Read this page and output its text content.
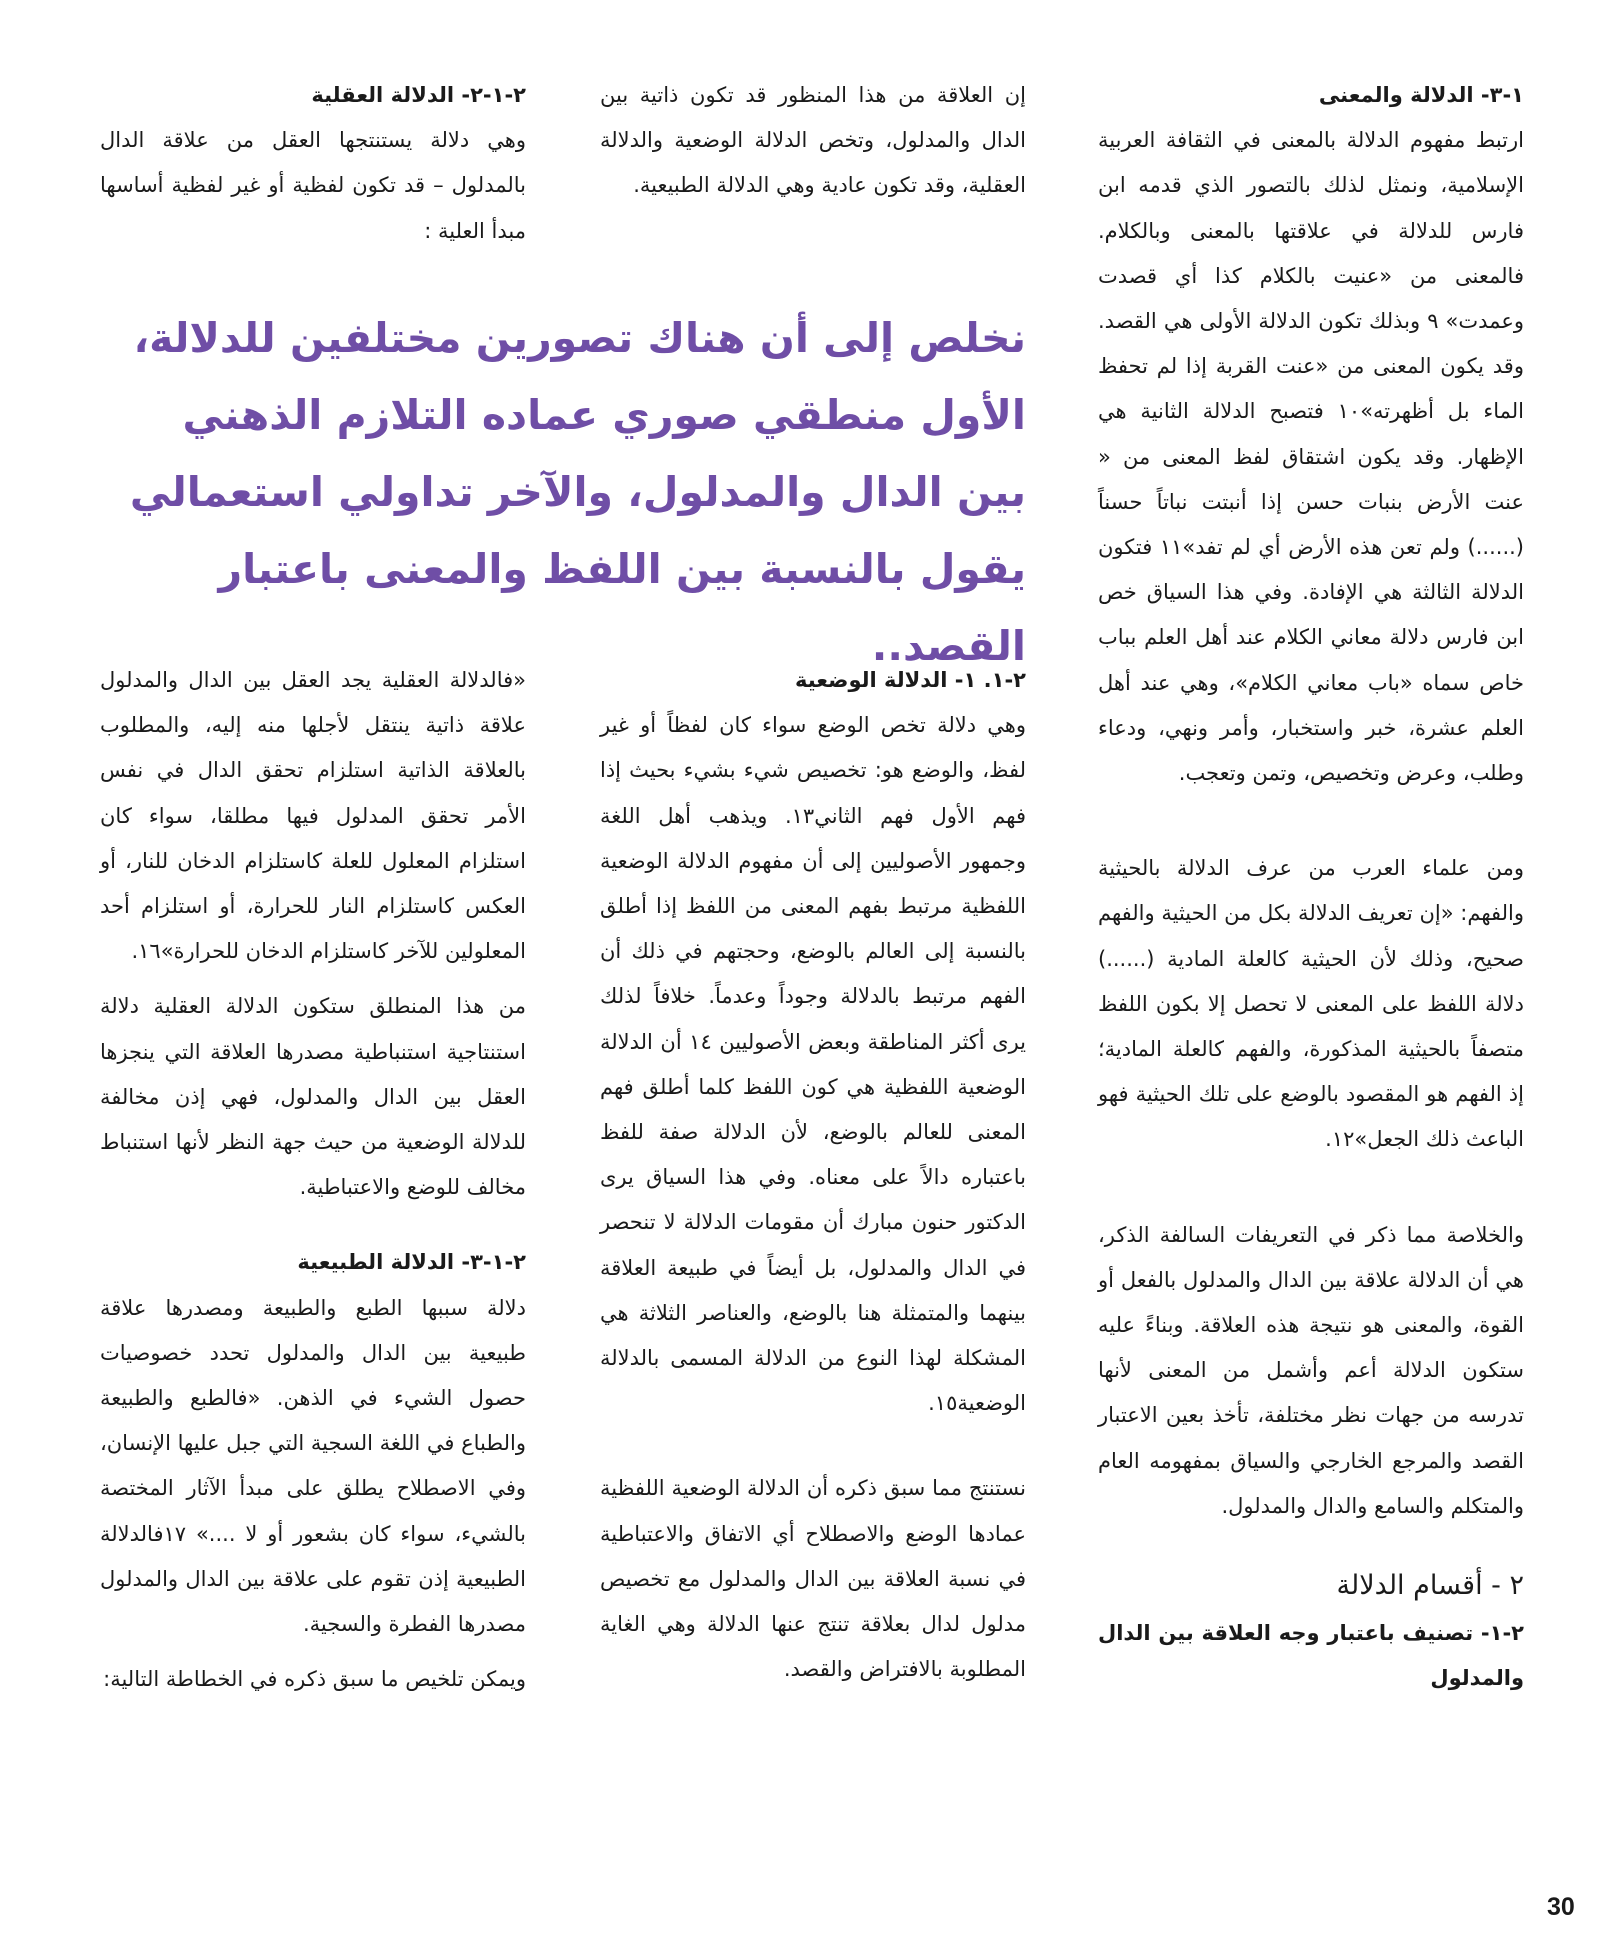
١-٣- الدلالة والمعنى

ارتبط مفهوم الدلالة بالمعنى في الثقافة العربية الإسلامية، ونمثل لذلك بالتصور الذي قدمه ابن فارس للدلالة في علاقتها بالمعنى وبالكلام. فالمعنى من «عنيت بالكلام كذا أي قصدت وعمدت» ٩ وبذلك تكون الدلالة الأولى هي القصد. وقد يكون المعنى من «عنت القربة إذا لم تحفظ الماء بل أظهرته»١٠ فتصبح الدلالة الثانية هي الإظهار. وقد يكون اشتقاق لفظ المعنى من « عنت الأرض بنبات حسن إذا أنبتت نباتاً حسناً (......) ولم تعن هذه الأرض أي لم تفد»١١ فتكون الدلالة الثالثة هي الإفادة. وفي هذا السياق خص ابن فارس دلالة معاني الكلام عند أهل العلم بباب خاص سماه «باب معاني الكلام»، وهي عند أهل العلم عشرة، خبر واستخبار، وأمر ونهي، ودعاء وطلب، وعرض وتخصيص، وتمن وتعجب.

ومن علماء العرب من عرف الدلالة بالحيثية والفهم: «إن تعريف الدلالة بكل من الحيثية والفهم صحيح، وذلك لأن الحيثية كالعلة المادية (......) دلالة اللفظ على المعنى لا تحصل إلا بكون اللفظ متصفاً بالحيثية المذكورة، والفهم كالعلة المادية؛ إذ الفهم هو المقصود بالوضع على تلك الحيثية فهو الباعث ذلك الجعل»١٢.

والخلاصة مما ذكر في التعريفات السالفة الذكر، هي أن الدلالة علاقة بين الدال والمدلول بالفعل أو القوة، والمعنى هو نتيجة هذه العلاقة. وبناءً عليه ستكون الدلالة أعم وأشمل من المعنى لأنها تدرسه من جهات نظر مختلفة، تأخذ بعين الاعتبار القصد والمرجع الخارجي والسياق بمفهومه العام والمتكلم والسامع والدال والمدلول.

٢ - أقسام الدلالة
٢-١- تصنيف باعتبار وجه العلاقة بين الدال والمدلول

إن العلاقة من هذا المنظور قد تكون ذاتية بين الدال والمدلول، وتخص الدلالة الوضعية والدلالة العقلية، وقد تكون عادية وهي الدلالة الطبيعية.

٢-١-٢- الدلالة العقلية

وهي دلالة يستنتجها العقل من علاقة الدال بالمدلول – قد تكون لفظية أو غير لفظية أساسها مبدأ العلية :

نخلص إلى أن هناك تصورين مختلفين للدلالة، الأول منطقي صوري عماده التلازم الذهني بين الدال والمدلول، والآخر تداولي استعمالي يقول بالنسبة بين اللفظ والمعنى باعتبار القصد..

٢-١. ١- الدلالة الوضعية

وهي دلالة تخص الوضع سواء كان لفظاً أو غير لفظ، والوضع هو: تخصيص شيء بشيء بحيث إذا فهم الأول فهم الثاني١٣. ويذهب أهل اللغة وجمهور الأصوليين إلى أن مفهوم الدلالة الوضعية اللفظية مرتبط بفهم المعنى من اللفظ إذا أطلق بالنسبة إلى العالم بالوضع، وحجتهم في ذلك أن الفهم مرتبط بالدلالة وجوداً وعدماً. خلافاً لذلك يرى أكثر المناطقة وبعض الأصوليين ١٤ أن الدلالة الوضعية اللفظية هي كون اللفظ كلما أطلق فهم المعنى للعالم بالوضع، لأن الدلالة صفة للفظ باعتباره دالاً على معناه. وفي هذا السياق يرى الدكتور حنون مبارك أن مقومات الدلالة لا تنحصر في الدال والمدلول، بل أيضاً في طبيعة العلاقة بينهما والمتمثلة هنا بالوضع، والعناصر الثلاثة هي المشكلة لهذا النوع من الدلالة المسمى بالدلالة الوضعية١٥.

نستنتج مما سبق ذكره أن الدلالة الوضعية اللفظية عمادها الوضع والاصطلاح أي الاتفاق والاعتباطية في نسبة العلاقة بين الدال والمدلول مع تخصيص مدلول لدال بعلاقة تنتج عنها الدلالة وهي الغاية المطلوبة بالافتراض والقصد.

«فالدلالة العقلية يجد العقل بين الدال والمدلول علاقة ذاتية ينتقل لأجلها منه إليه، والمطلوب بالعلاقة الذاتية استلزام تحقق الدال في نفس الأمر تحقق المدلول فيها مطلقا، سواء كان استلزام المعلول للعلة كاستلزام الدخان للنار، أو العكس كاستلزام النار للحرارة، أو استلزام أحد المعلولين للآخر كاستلزام الدخان للحرارة»١٦.

من هذا المنطلق ستكون الدلالة العقلية دلالة استنتاجية استنباطية مصدرها العلاقة التي ينجزها العقل بين الدال والمدلول، فهي إذن مخالفة للدلالة الوضعية من حيث جهة النظر لأنها استنباط مخالف للوضع والاعتباطية.

٢-١-٣- الدلالة الطبيعية

دلالة سببها الطبع والطبيعة ومصدرها علاقة طبيعية بين الدال والمدلول تحدد خصوصيات حصول الشيء في الذهن. «فالطبع والطبيعة والطباع في اللغة السجية التي جبل عليها الإنسان، وفي الاصطلاح يطلق على مبدأ الآثار المختصة بالشيء، سواء كان بشعور أو لا ....» ١٧فالدلالة الطبيعية إذن تقوم على علاقة بين الدال والمدلول مصدرها الفطرة والسجية.

ويمكن تلخيص ما سبق ذكره في الخطاطة التالية:

30
